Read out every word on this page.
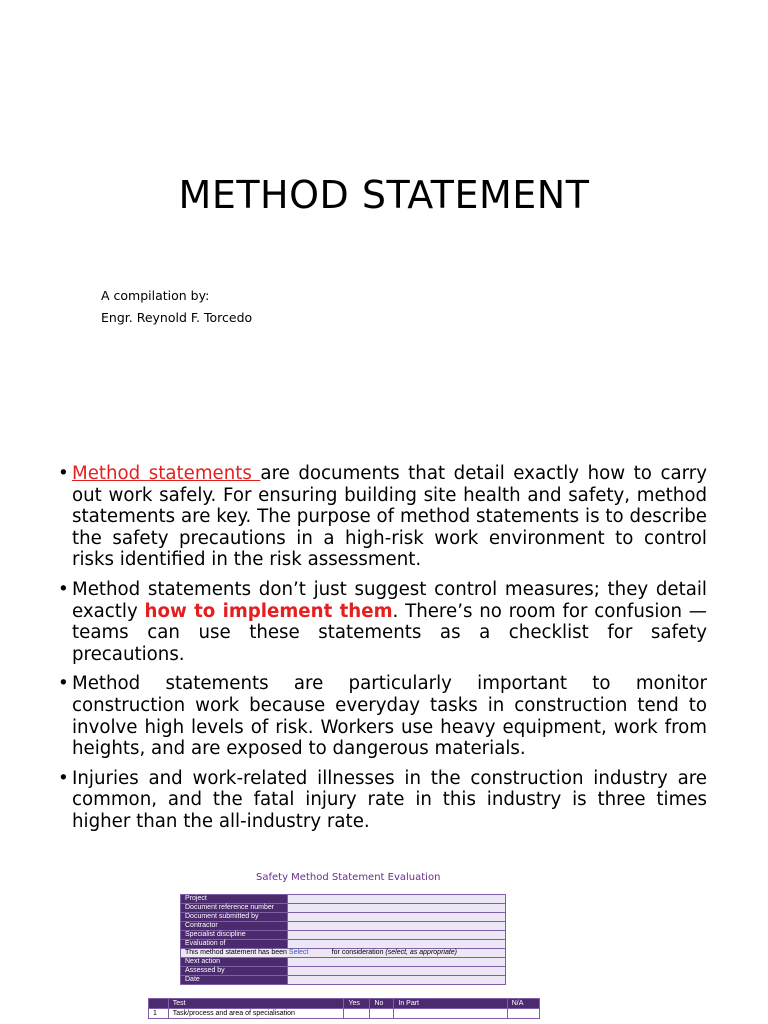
METHOD STATEMENT
A compilation by:
Engr. Reynold F. Torcedo
• Method statements are documents that detail exactly how to carry out work safely. For ensuring building site health and safety, method statements are key. The purpose of method statements is to describe the safety precautions in a high-risk work environment to control risks identified in the risk assessment.
• Method statements don’t just suggest control measures; they detail exactly how to implement them. There’s no room for confusion — teams can use these statements as a checklist for safety precautions.
• Method statements are particularly important to monitor construction work because everyday tasks in construction tend to involve high levels of risk. Workers use heavy equipment, work from heights, and are exposed to dangerous materials.
• Injuries and work-related illnesses in the construction industry are common, and the fatal injury rate in this industry is three times higher than the all-industry rate.
Safety Method Statement Evaluation
Project	
Document reference number	
Document submitted by	
Contractor	
Specialist discipline	
Evaluation of	
This method statement has been Select for consideration (select, as appropriate)	
Next action	
Assessed by	
Date	
	Test	Yes	No	In Part	N/A
1	Task/process and area of specialisation				
